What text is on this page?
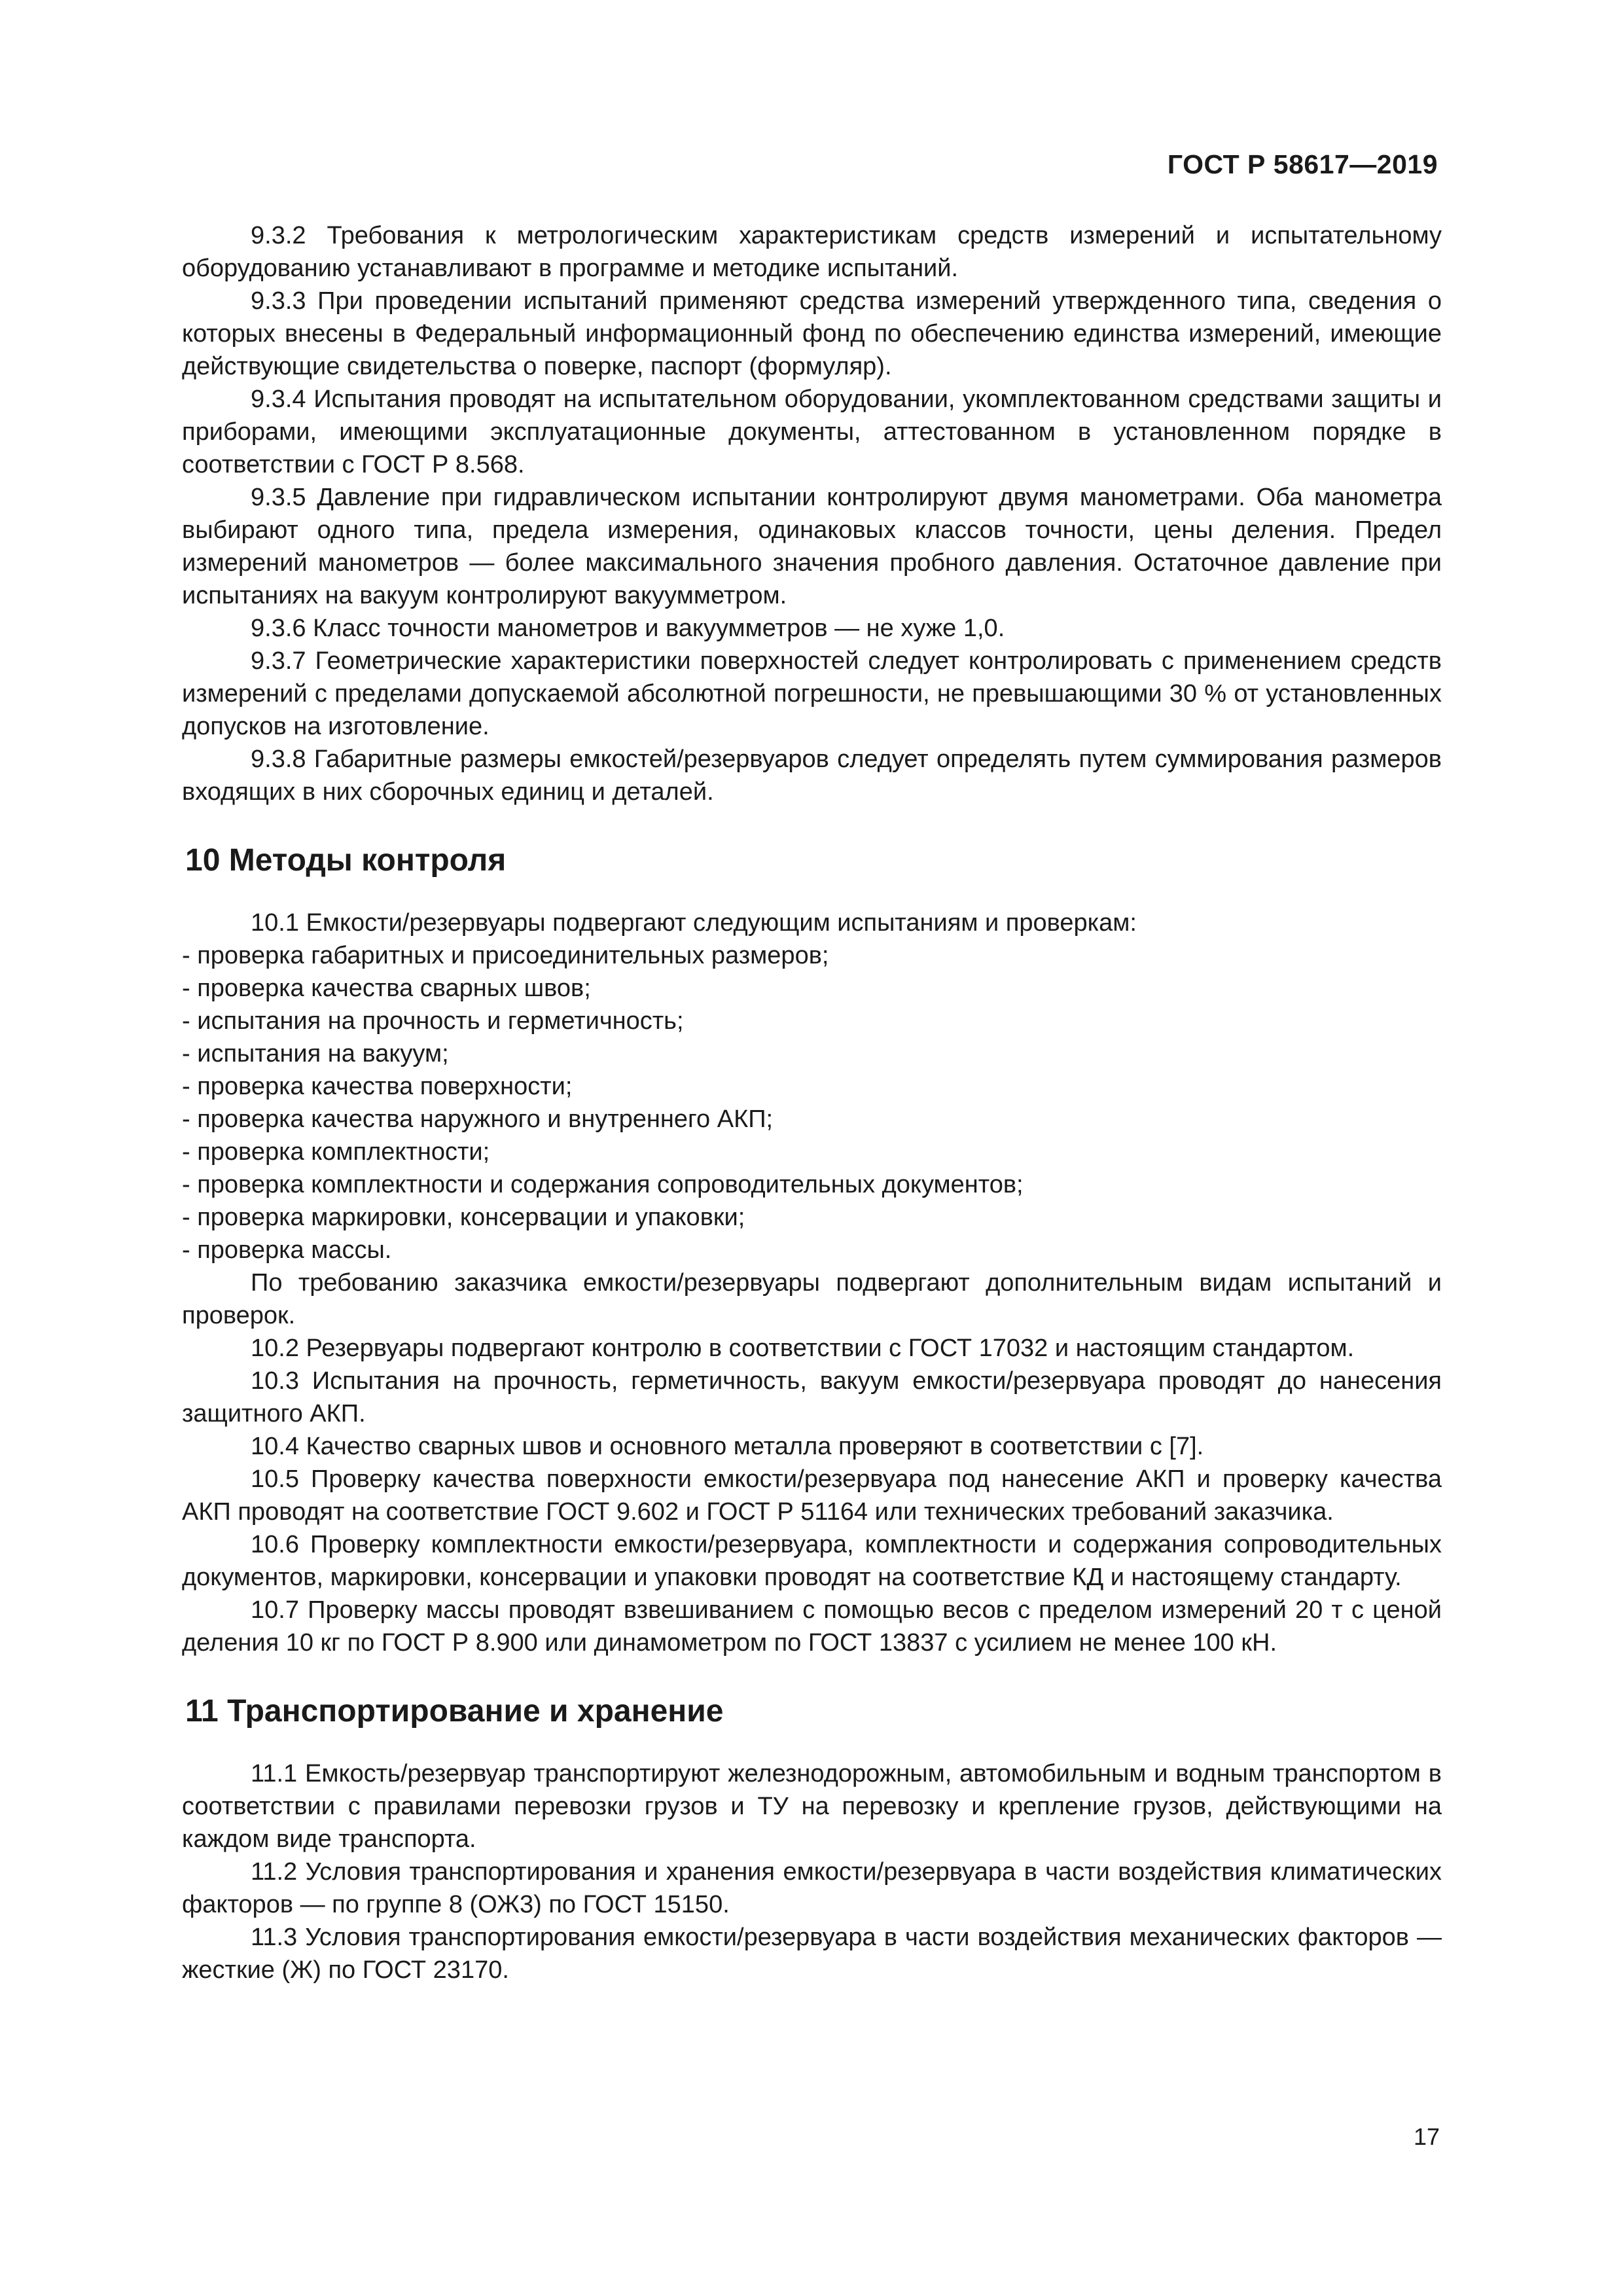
ГОСТ Р 58617—2019

9.3.2 Требования к метрологическим характеристикам средств измерений и испытательному оборудованию устанавливают в программе и методике испытаний.

9.3.3 При проведении испытаний применяют средства измерений утвержденного типа, сведения о которых внесены в Федеральный информационный фонд по обеспечению единства измерений, имеющие действующие свидетельства о поверке, паспорт (формуляр).

9.3.4 Испытания проводят на испытательном оборудовании, укомплектованном средствами защиты и приборами, имеющими эксплуатационные документы, аттестованном в установленном порядке в соответствии с ГОСТ Р 8.568.

9.3.5 Давление при гидравлическом испытании контролируют двумя манометрами. Оба манометра выбирают одного типа, предела измерения, одинаковых классов точности, цены деления. Предел измерений манометров — более максимального значения пробного давления. Остаточное давление при испытаниях на вакуум контролируют вакуумметром.

9.3.6 Класс точности манометров и вакуумметров — не хуже 1,0.

9.3.7 Геометрические характеристики поверхностей следует контролировать с применением средств измерений с пределами допускаемой абсолютной погрешности, не превышающими 30 % от установленных допусков на изготовление.

9.3.8 Габаритные размеры емкостей/резервуаров следует определять путем суммирования размеров входящих в них сборочных единиц и деталей.

10 Методы контроля

10.1 Емкости/резервуары подвергают следующим испытаниям и проверкам:

- проверка габаритных и присоединительных размеров;

- проверка качества сварных швов;

- испытания на прочность и герметичность;

- испытания на вакуум;

- проверка качества поверхности;

- проверка качества наружного и внутреннего АКП;

- проверка комплектности;

- проверка комплектности и содержания сопроводительных документов;

- проверка маркировки, консервации и упаковки;

- проверка массы.

По требованию заказчика емкости/резервуары подвергают дополнительным видам испытаний и проверок.

10.2 Резервуары подвергают контролю в соответствии с ГОСТ 17032 и настоящим стандартом.

10.3 Испытания на прочность, герметичность, вакуум емкости/резервуара проводят до нанесения защитного АКП.

10.4 Качество сварных швов и основного металла проверяют в соответствии с [7].

10.5 Проверку качества поверхности емкости/резервуара под нанесение АКП и проверку качества АКП проводят на соответствие ГОСТ 9.602 и ГОСТ Р 51164 или технических требований заказчика.

10.6 Проверку комплектности емкости/резервуара, комплектности и содержания сопроводительных документов, маркировки, консервации и упаковки проводят на соответствие КД и настоящему стандарту.

10.7 Проверку массы проводят взвешиванием с помощью весов с пределом измерений 20 т с ценой деления 10 кг по ГОСТ Р 8.900 или динамометром по ГОСТ 13837 с усилием не менее 100 кН.

11 Транспортирование и хранение

11.1 Емкость/резервуар транспортируют железнодорожным, автомобильным и водным транспортом в соответствии с правилами перевозки грузов и ТУ на перевозку и крепление грузов, действующими на каждом виде транспорта.

11.2 Условия транспортирования и хранения емкости/резервуара в части воздействия климатических факторов — по группе 8 (ОЖ3) по ГОСТ 15150.

11.3 Условия транспортирования емкости/резервуара в части воздействия механических факторов — жесткие (Ж) по ГОСТ 23170.

17
